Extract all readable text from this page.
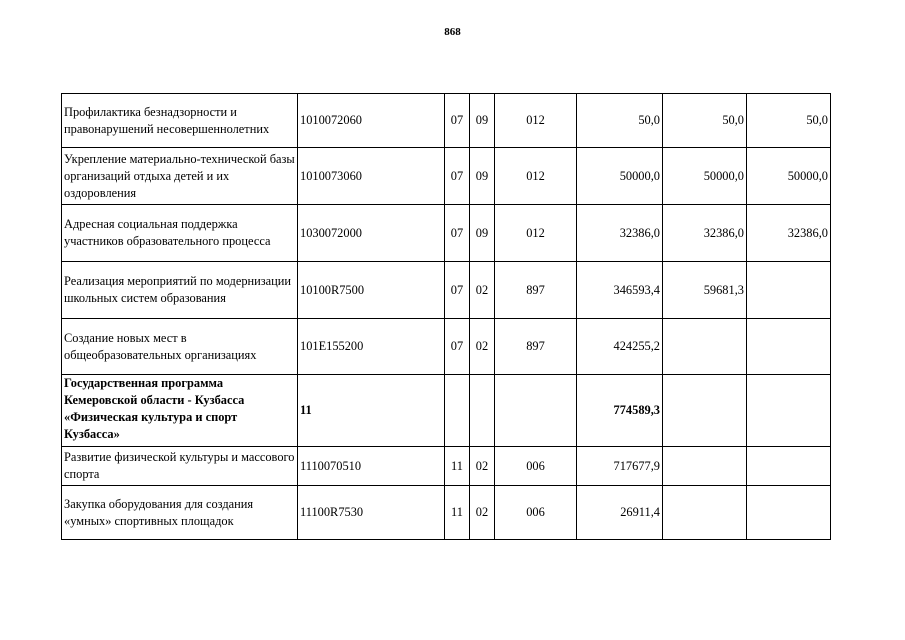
868
Профилактика безнадзорности и правонарушений несовершеннолетних	1010072060	07	09	012	50,0	50,0	50,0
Укрепление материально-технической базы организаций отдыха детей и их оздоровления	1010073060	07	09	012	50000,0	50000,0	50000,0
Адресная социальная поддержка участников образовательного процесса	1030072000	07	09	012	32386,0	32386,0	32386,0
Реализация мероприятий по модернизации школьных систем образования	10100R7500	07	02	897	346593,4	59681,3	
Создание новых мест в общеобразовательных организациях	101E155200	07	02	897	424255,2		
Государственная программа Кемеровской области - Кузбасса «Физическая культура и спорт Кузбасса»	11				774589,3		
Развитие физической культуры и массового спорта	1110070510	11	02	006	717677,9		
Закупка оборудования для создания «умных» спортивных площадок	11100R7530	11	02	006	26911,4		
